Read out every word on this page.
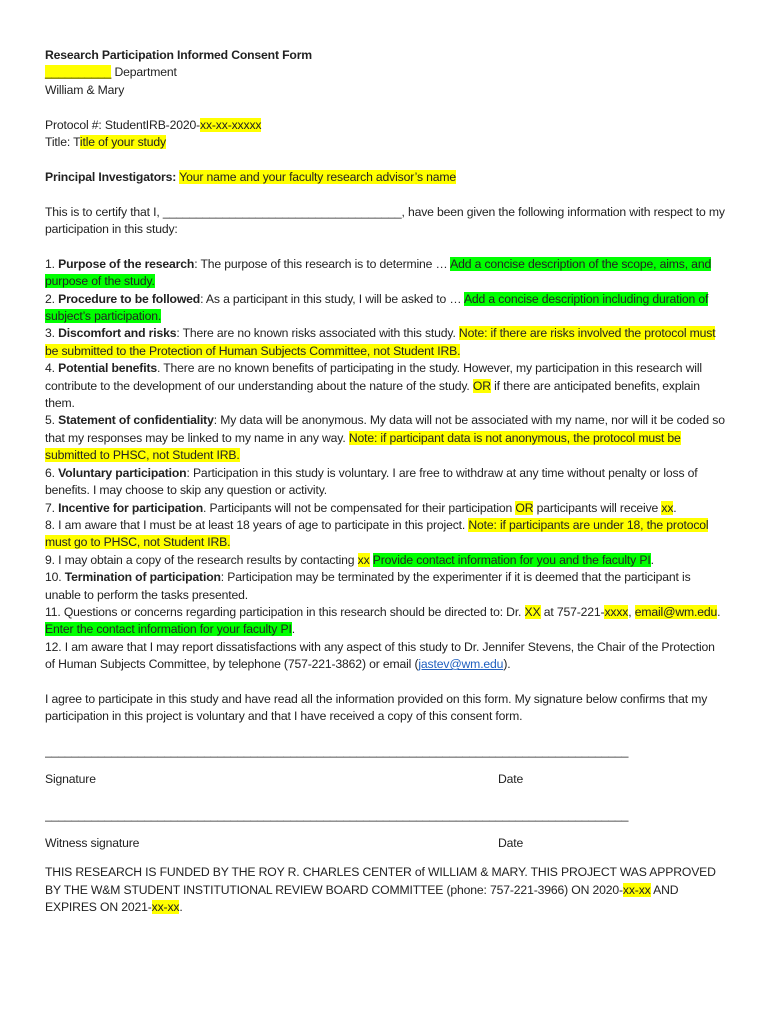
Research Participation Informed Consent Form

__________ Department

William & Mary

Protocol #: StudentIRB-2020-xx-xx-xxxxx

Title: Title of your study

Principal Investigators: Your name and your faculty research advisor’s name

This is to certify that I, ____________________________________, have been given the following information with respect to my participation in this study:

1. Purpose of the research: The purpose of this research is to determine … Add a concise description of the scope, aims, and purpose of the study.

2. Procedure to be followed: As a participant in this study, I will be asked to … Add a concise description including duration of subject’s participation.

3. Discomfort and risks: There are no known risks associated with this study. Note: if there are risks involved the protocol must be submitted to the Protection of Human Subjects Committee, not Student IRB.

4. Potential benefits. There are no known benefits of participating in the study. However, my participation in this research will contribute to the development of our understanding about the nature of the study. OR if there are anticipated benefits, explain them.

5. Statement of confidentiality: My data will be anonymous. My data will not be associated with my name, nor will it be coded so that my responses may be linked to my name in any way. Note: if participant data is not anonymous, the protocol must be submitted to PHSC, not Student IRB.

6. Voluntary participation: Participation in this study is voluntary. I are free to withdraw at any time without penalty or loss of benefits. I may choose to skip any question or activity.

7. Incentive for participation. Participants will not be compensated for their participation OR participants will receive xx.

8. I am aware that I must be at least 18 years of age to participate in this project. Note: if participants are under 18, the protocol must go to PHSC, not Student IRB.

9. I may obtain a copy of the research results by contacting xx Provide contact information for you and the faculty PI.

10. Termination of participation: Participation may be terminated by the experimenter if it is deemed that the participant is unable to perform the tasks presented.

11. Questions or concerns regarding participation in this research should be directed to: Dr. XX at 757-221-xxxx, email@wm.edu. Enter the contact information for your faculty PI.

12. I am aware that I may report dissatisfactions with any aspect of this study to Dr. Jennifer Stevens, the Chair of the Protection of Human Subjects Committee, by telephone (757-221-3862) or email (jastev@wm.edu).

I agree to participate in this study and have read all the information provided on this form. My signature below confirms that my participation in this project is voluntary and that I have received a copy of this consent form.

________________________________________________________________________________________
Signature	Date
________________________________________________________________________________________
Witness signature	Date

THIS RESEARCH IS FUNDED BY THE ROY R. CHARLES CENTER of WILLIAM & MARY. THIS PROJECT WAS APPROVED BY THE W&M STUDENT INSTITUTIONAL REVIEW BOARD COMMITTEE (phone: 757-221-3966) ON 2020-xx-xx AND EXPIRES ON 2021-xx-xx.
